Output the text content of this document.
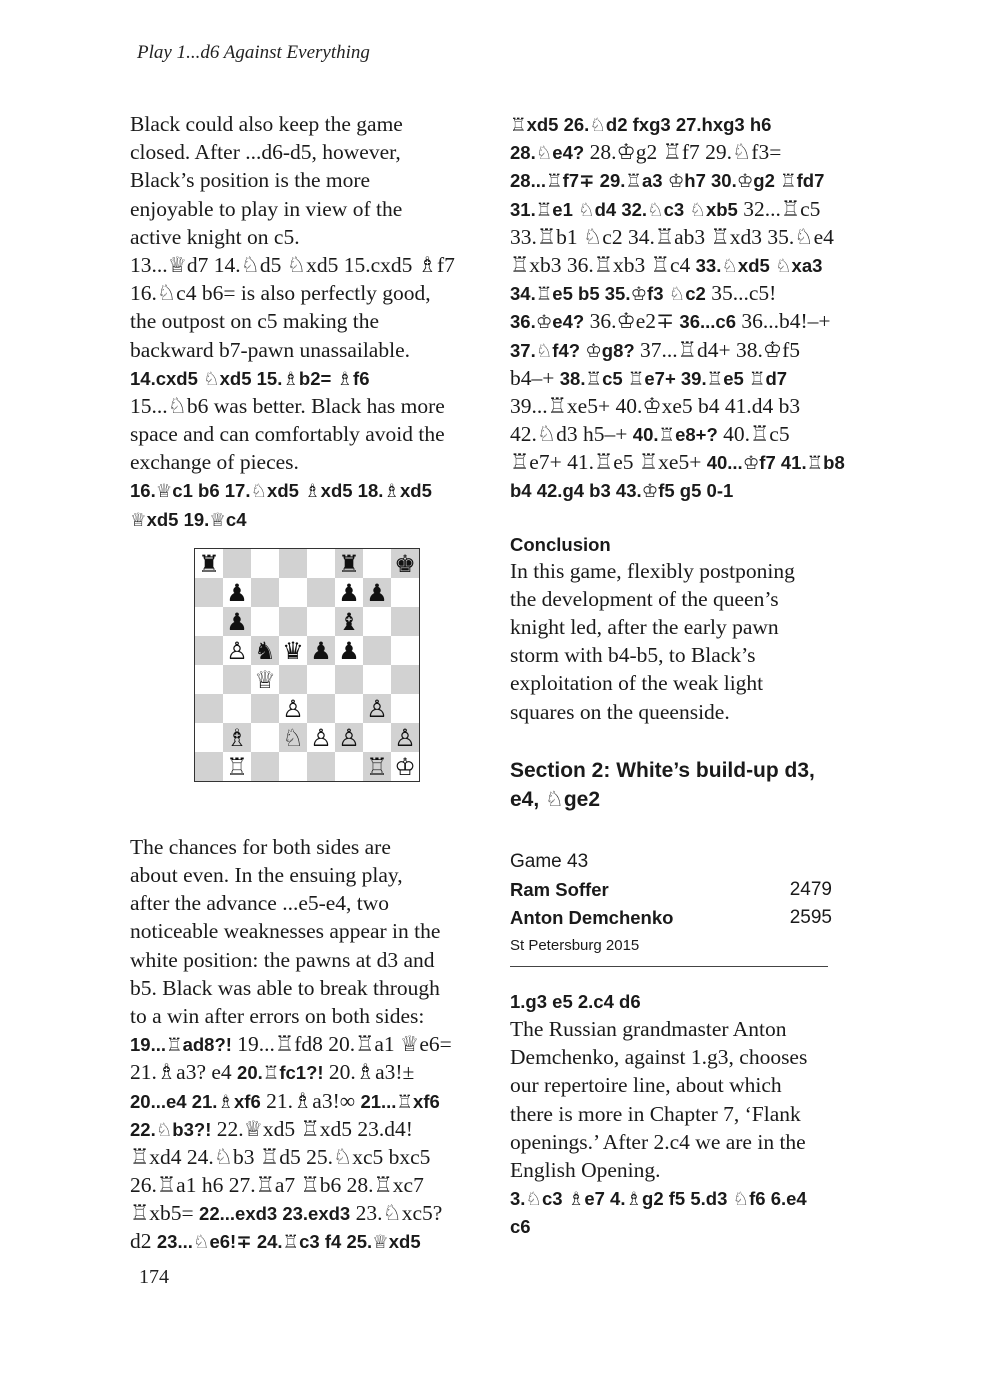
Play 1...d6 Against Everything
Black could also keep the game
closed. After ...d6-d5, however,
Black’s position is the more
enjoyable to play in view of the
active knight on c5.
13...♕d7 14.♘d5 ♘xd5 15.cxd5 ♗f7
16.♘c4 b6= is also perfectly good,
the outpost on c5 making the
backward b7-pawn unassailable.
14.cxd5 ♘xd5 15.♗b2= ♗f6
15...♘b6 was better. Black has more
space and can comfortably avoid the
exchange of pieces.
16.♕c1 b6 17.♘xd5 ♗xd5 18.♗xd5
♕xd5 19.♕c4
The chances for both sides are
about even. In the ensuing play,
after the advance ...e5-e4, two
noticeable weaknesses appear in the
white position: the pawns at d3 and
b5. Black was able to break through
to a win after errors on both sides:
19...♖ad8?! 19...♖fd8 20.♖a1 ♕e6=
21.♗a3? e4 20.♖fc1?! 20.♗a3!±
20...e4 21.♗xf6 21.♗a3!∞ 21...♖xf6
22.♘b3?! 22.♕xd5 ♖xd5 23.d4!
♖xd4 24.♘b3 ♖d5 25.♘xc5 bxc5
26.♖a1 h6 27.♖a7 ♖b6 28.♖xc7
♖xb5= 22...exd3 23.exd3 23.♘xc5?
d2 23...♘e6!∓ 24.♖c3 f4 25.♕xd5
♜	♜ ♚
♟	♟ ♟
♟	♝
♙ ♞ ♛ ♟ ♟
♕
♙	♙
♗ ♘ ♙ ♙ ♙
♖	♖ ♔
♖xd5 26.♘d2 fxg3 27.hxg3 h6
28.♘e4? 28.♔g2 ♖f7 29.♘f3=
28...♖f7∓ 29.♖a3 ♔h7 30.♔g2 ♖fd7
31.♖e1 ♘d4 32.♘c3 ♘xb5 32...♖c5
33.♖b1 ♘c2 34.♖ab3 ♖xd3 35.♘e4
♖xb3 36.♖xb3 ♖c4 33.♘xd5 ♘xa3
34.♖e5 b5 35.♔f3 ♘c2 35...c5!
36.♔e4? 36.♔e2∓ 36...c6 36...b4!–+
37.♘f4? ♔g8? 37...♖d4+ 38.♔f5
b4–+ 38.♖c5 ♖e7+ 39.♖e5 ♖d7
39...♖xe5+ 40.♔xe5 b4 41.d4 b3
42.♘d3 h5–+ 40.♖e8+? 40.♖c5
♖e7+ 41.♖e5 ♖xe5+ 40...♔f7 41.♖b8
b4 42.g4 b3 43.♔f5 g5 0-1
Conclusion
In this game, flexibly postponing
the development of the queen’s
knight led, after the early pawn
storm with b4-b5, to Black’s
exploitation of the weak light
squares on the queenside.
Section 2: White’s build-up d3,
e4, ♘ge2
Game 43
Ram Soffer	2479
Anton Demchenko	2595
St Petersburg 2015
1.g3 e5 2.c4 d6
The Russian grandmaster Anton
Demchenko, against 1.g3, chooses
our repertoire line, about which
there is more in Chapter 7, ‘Flank
openings.’ After 2.c4 we are in the
English Opening.
3.♘c3 ♗e7 4.♗g2 f5 5.d3 ♘f6 6.e4
c6
174
